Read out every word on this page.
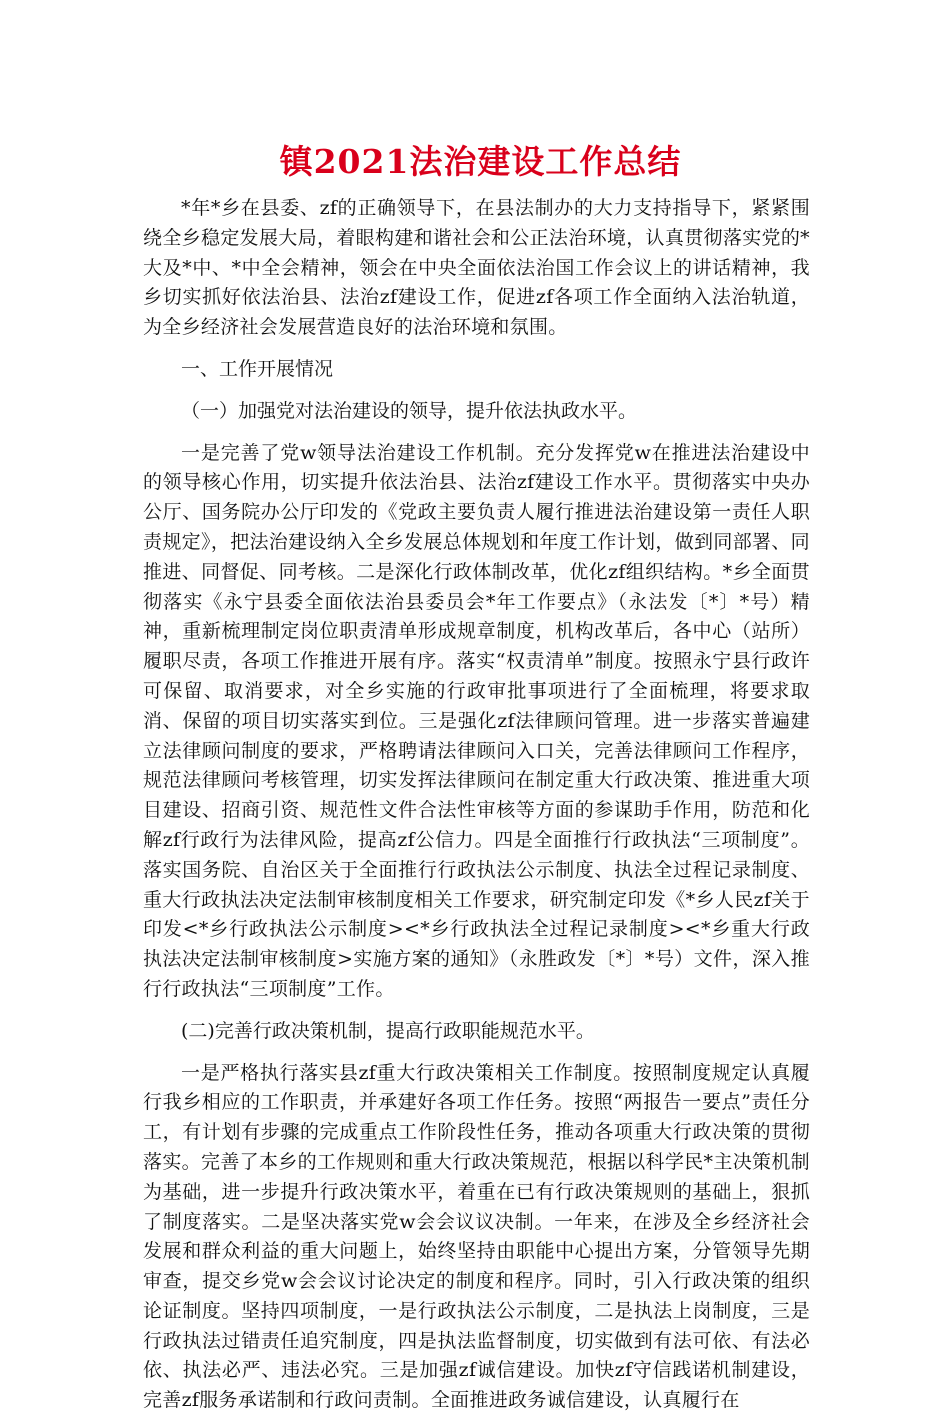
镇2021法治建设工作总结

*年*乡在县委、zf的正确领导下，在县法制办的大力支持指导下，紧紧围绕全乡稳定发展大局，着眼构建和谐社会和公正法治环境，认真贯彻落实党的*大及*中、*中全会精神，领会在中央全面依法治国工作会议上的讲话精神，我乡切实抓好依法治县、法治zf建设工作，促进zf各项工作全面纳入法治轨道，为全乡经济社会发展营造良好的法治环境和氛围。

一、工作开展情况

（一）加强党对法治建设的领导，提升依法执政水平。

一是完善了党w领导法治建设工作机制。充分发挥党w在推进法治建设中的领导核心作用，切实提升依法治县、法治zf建设工作水平。贯彻落实中央办公厅、国务院办公厅印发的《党政主要负责人履行推进法治建设第一责任人职责规定》，把法治建设纳入全乡发展总体规划和年度工作计划，做到同部署、同推进、同督促、同考核。二是深化行政体制改革，优化zf组织结构。*乡全面贯彻落实《永宁县委全面依法治县委员会*年工作要点》（永法发〔*〕*号）精神，重新梳理制定岗位职责清单形成规章制度，机构改革后，各中心（站所）履职尽责，各项工作推进开展有序。落实“权责清单”制度。按照永宁县行政许可保留、取消要求，对全乡实施的行政审批事项进行了全面梳理，将要求取消、保留的项目切实落实到位。三是强化zf法律顾问管理。进一步落实普遍建立法律顾问制度的要求，严格聘请法律顾问入口关，完善法律顾问工作程序，规范法律顾问考核管理，切实发挥法律顾问在制定重大行政决策、推进重大项目建设、招商引资、规范性文件合法性审核等方面的参谋助手作用，防范和化解zf行政行为法律风险，提高zf公信力。四是全面推行行政执法“三项制度”。落实国务院、自治区关于全面推行行政执法公示制度、执法全过程记录制度、重大行政执法决定法制审核制度相关工作要求，研究制定印发《*乡人民zf关于印发<*乡行政执法公示制度><*乡行政执法全过程记录制度><*乡重大行政执法决定法制审核制度>实施方案的通知》（永胜政发〔*〕*号）文件，深入推行行政执法“三项制度”工作。

(二)完善行政决策机制，提高行政职能规范水平。

一是严格执行落实县zf重大行政决策相关工作制度。按照制度规定认真履行我乡相应的工作职责，并承建好各项工作任务。按照“两报告一要点”责任分工，有计划有步骤的完成重点工作阶段性任务，推动各项重大行政决策的贯彻落实。完善了本乡的工作规则和重大行政决策规范，根据以科学民*主决策机制为基础，进一步提升行政决策水平，着重在已有行政决策规则的基础上，狠抓了制度落实。二是坚决落实党w会会议议决制。一年来，在涉及全乡经济社会发展和群众利益的重大问题上，始终坚持由职能中心提出方案，分管领导先期审查，提交乡党w会会议讨论决定的制度和程序。同时，引入行政决策的组织论证制度。坚持四项制度，一是行政执法公示制度，二是执法上岗制度，三是行政执法过错责任追究制度，四是执法监督制度，切实做到有法可依、有法必依、执法必严、违法必究。三是加强zf诚信建设。加快zf守信践诺机制建设，完善zf服务承诺制和行政问责制。全面推进政务诚信建设，认真履行在
